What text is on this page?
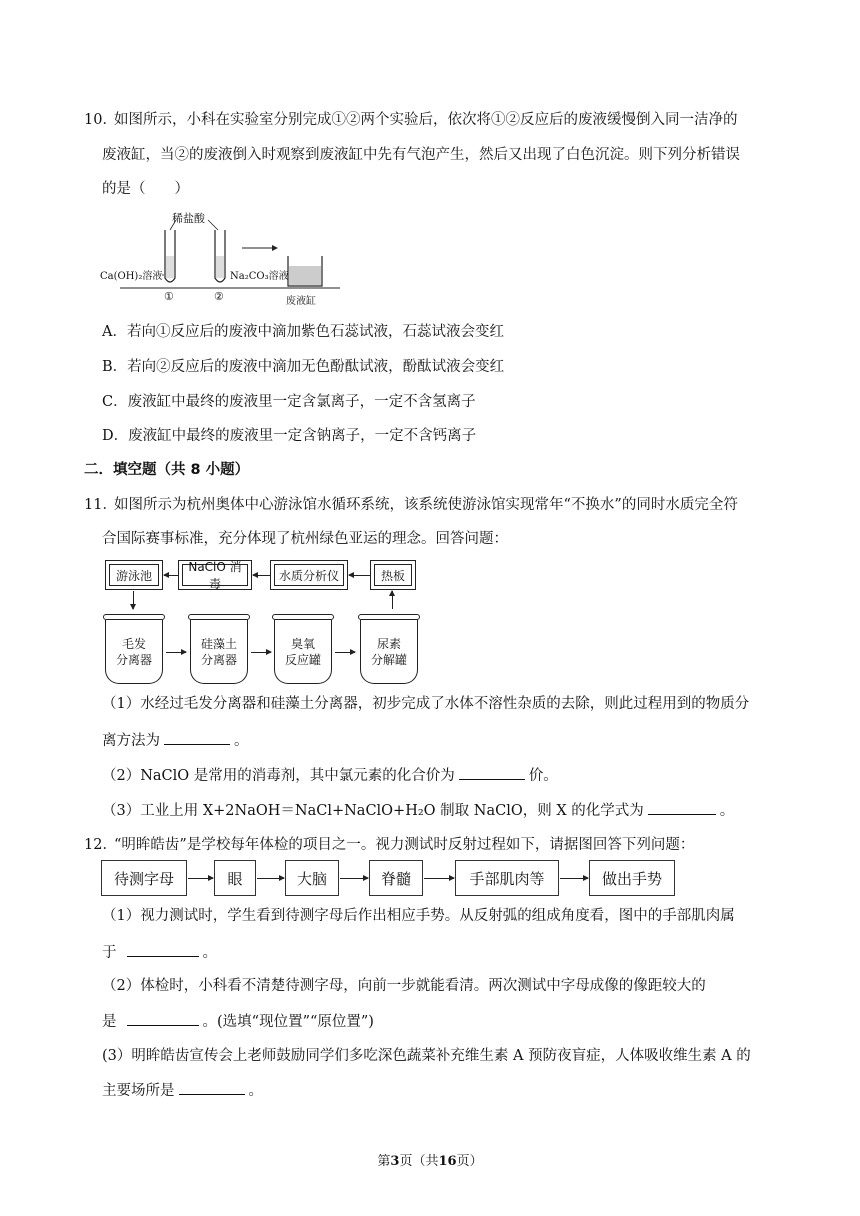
10．
如图所示，小科在实验室分别完成①②两个实验后，依次将①②反应后的废液缓慢倒入同一洁净的
废液缸，当②的废液倒入时观察到废液缸中先有气泡产生，然后又出现了白色沉淀。则下列分析错误
的是（　　）
稀盐酸
Ca(OH)₂溶液	Na₂CO₃溶液
①	②	废液缸
A．若向①反应后的废液中滴加紫色石蕊试液，石蕊试液会变红
B．若向②反应后的废液中滴加无色酚酞试液，酚酞试液会变红
C．废液缸中最终的废液里一定含氯离子，一定不含氢离子
D．废液缸中最终的废液里一定含钠离子，一定不含钙离子
二．填空题（共 8 小题）
11．
如图所示为杭州奥体中心游泳馆水循环系统，该系统使游泳馆实现常年“不换水”的同时水质完全符
合国际赛事标准，充分体现了杭州绿色亚运的理念。回答问题：
游泳池
NaClO 消毒
水质分析仪	热板
毛发
分离器
硅藻土
分离器
臭氧
反应罐
尿素
分解罐
（1）水经过毛发分离器和硅藻土分离器，初步完成了水体不溶性杂质的去除，则此过程用到的物质分
离方法为	。
（2）NaClO 是常用的消毒剂，其中氯元素的化合价为	价。
（3）工业上用 X+2NaOH＝NaCl+NaClO+H₂O 制取 NaClO，则 X 的化学式为	。
12．
“明眸皓齿”是学校每年体检的项目之一。视力测试时反射过程如下，请据图回答下列问题：
待测字母	眼	大脑	脊髓	手部肌肉等	做出手势
（1）视力测试时，学生看到待测字母后作出相应手势。从反射弧的组成角度看，图中的手部肌肉属
于	。
（2）体检时，小科看不清楚待测字母，向前一步就能看清。两次测试中字母成像的像距较大的
是	。(选填“现位置”“原位置”)
(3）明眸皓齿宣传会上老师鼓励同学们多吃深色蔬菜补充维生素 A 预防夜盲症，人体吸收维生素 A 的
主要场所是	。
第3页（共16页）
